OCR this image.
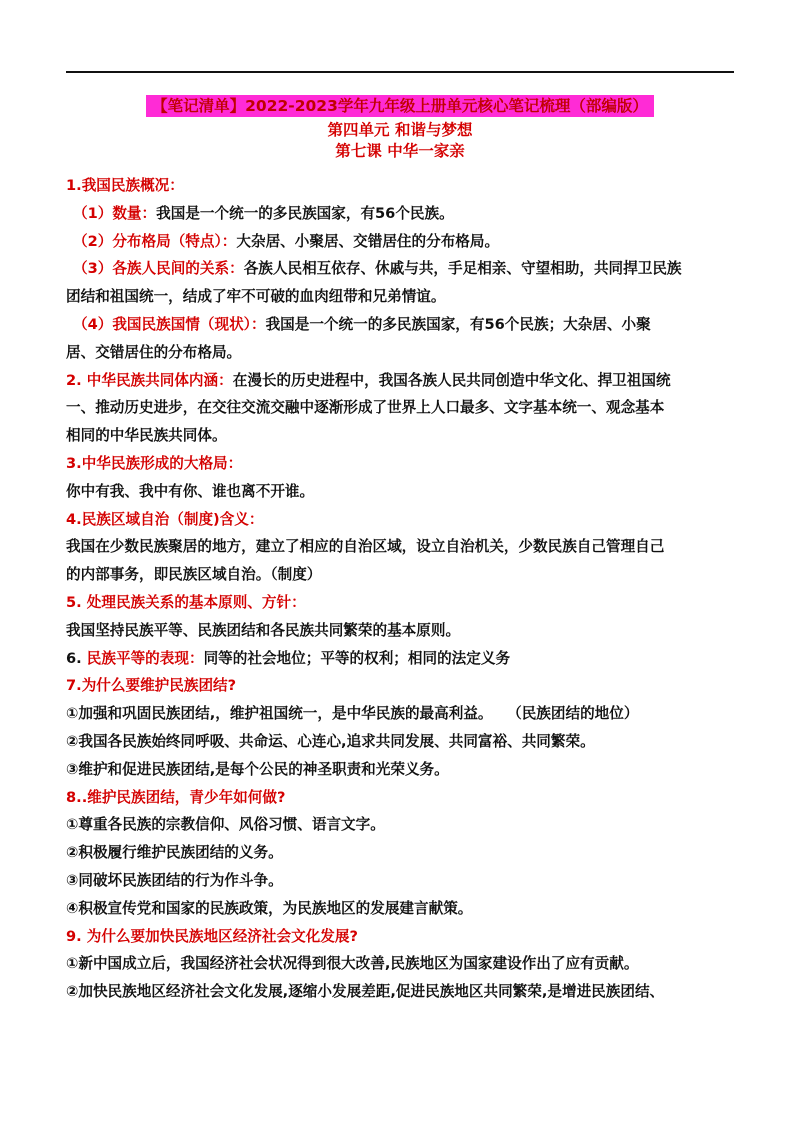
【笔记清单】2022-2023学年九年级上册单元核心笔记梳理（部编版）
第四单元 和谐与梦想
第七课 中华一家亲

1.我国民族概况：

（1）数量：我国是一个统一的多民族国家，有56个民族。

（2）分布格局（特点）：大杂居、小聚居、交错居住的分布格局。

（3）各族人民间的关系：各族人民相互依存、休戚与共，手足相亲、守望相助，共同捍卫民族

团结和祖国统一，结成了牢不可破的血肉纽带和兄弟情谊。

（4）我国民族国情（现状）：我国是一个统一的多民族国家，有56个民族；大杂居、小聚

居、交错居住的分布格局。

2. 中华民族共同体内涵：在漫长的历史进程中，我国各族人民共同创造中华文化、捍卫祖国统

一、推动历史进步，在交往交流交融中逐渐形成了世界上人口最多、文字基本统一、观念基本

相同的中华民族共同体。

3.中华民族形成的大格局：

你中有我、我中有你、谁也离不开谁。

4.民族区域自治（制度)含义：

我国在少数民族聚居的地方，建立了相应的自治区域，设立自治机关，少数民族自己管理自己

的内部事务，即民族区域自治。（制度）

5. 处理民族关系的基本原则、方针：

我国坚持民族平等、民族团结和各民族共同繁荣的基本原则。

6. 民族平等的表现：同等的社会地位；平等的权利；相同的法定义务

7.为什么要维护民族团结?

①加强和巩固民族团结,，维护祖国统一，是中华民族的最高利益。　　（民族团结的地位）

②我国各民族始终同呼吸、共命运、心连心,追求共同发展、共同富裕、共同繁荣。

③维护和促进民族团结,是每个公民的神圣职责和光荣义务。

8..维护民族团结，青少年如何做?

①尊重各民族的宗教信仰、风俗习惯、语言文字。

②积极履行维护民族团结的义务。

③同破坏民族团结的行为作斗争。

④积极宣传党和国家的民族政策，为民族地区的发展建言献策。

9. 为什么要加快民族地区经济社会文化发展?

①新中国成立后，我国经济社会状况得到很大改善,民族地区为国家建设作出了应有贡献。

②加快民族地区经济社会文化发展,逐缩小发展差距,促进民族地区共同繁荣,是增进民族团结、
